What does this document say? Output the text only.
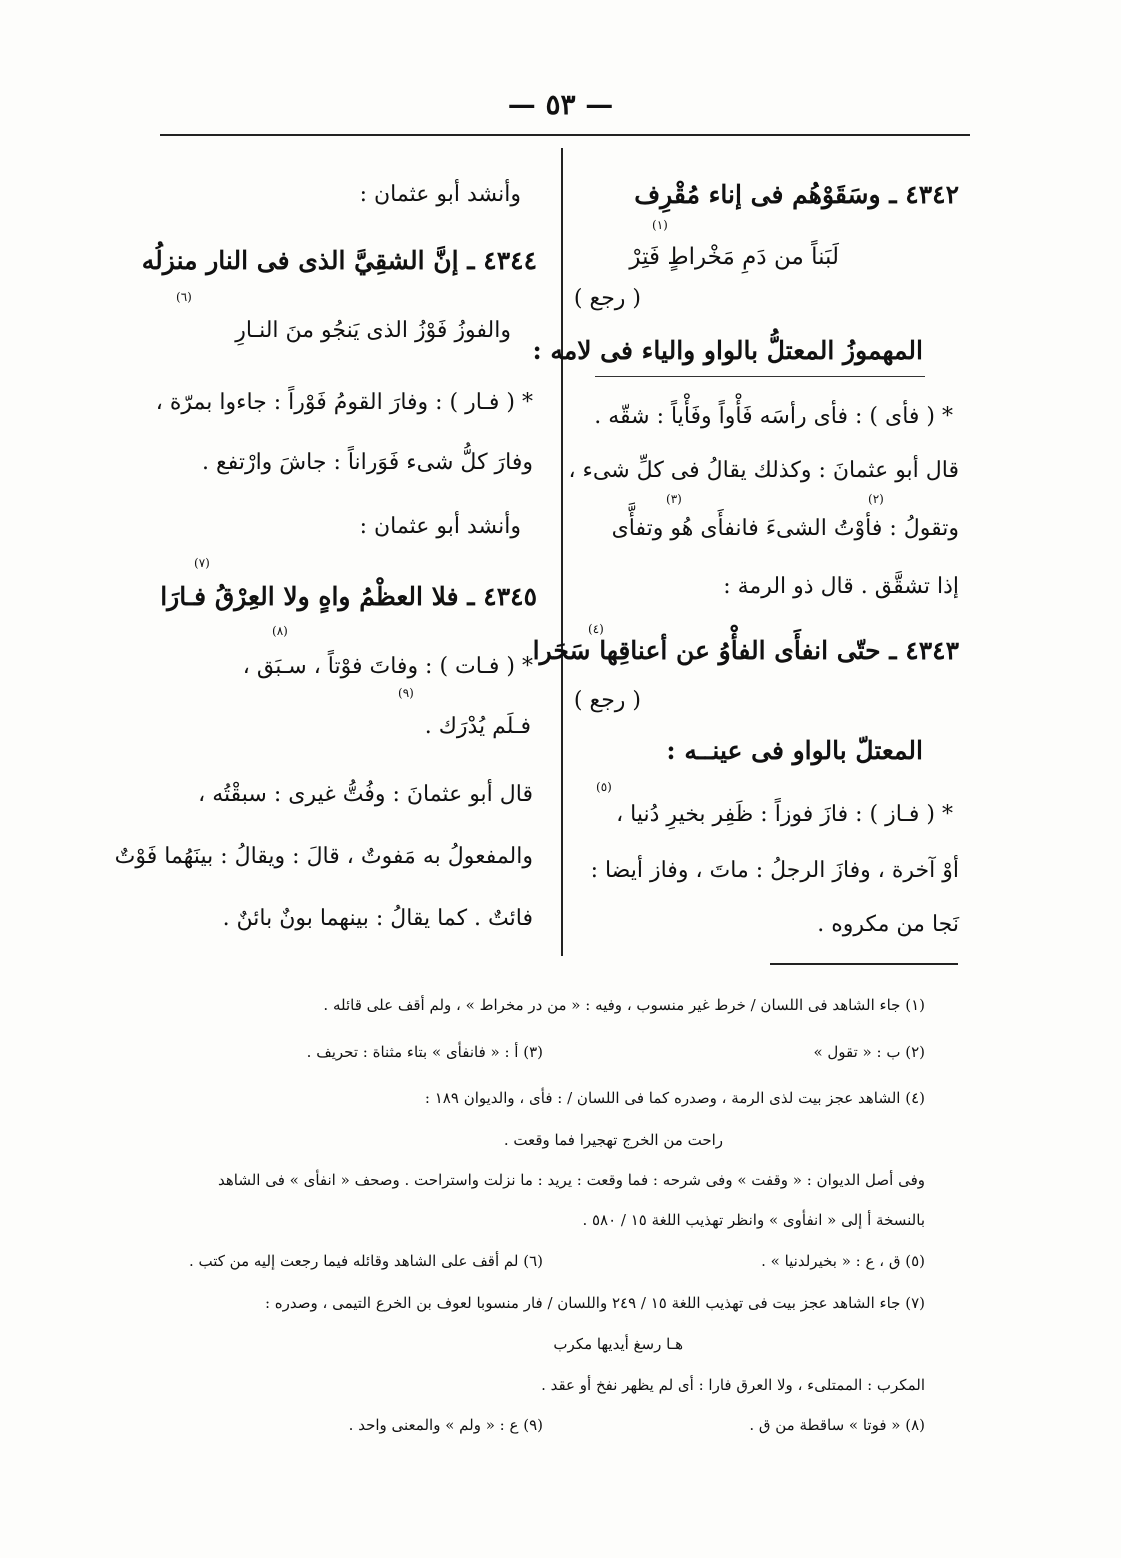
— ٥٣ —
٤٣٤٢ ـ وسَقَوْهُم فى إناء مُقْرِف
لَبَناً من دَمِ مَخْراطٍ فَتِرْ
( رجع )
المهموزُ المعتلُّ بالواو والياء فى لامه :
* ( فأى ) : فأى رأسَه فَأْواً وفَأْياً : شقّه .
قال أبو عثمانَ : وكذلك يقالُ فى كلِّ شىء ،
وتقولُ : فأوْتُ الشىءَ فانفأَى هُو وتفأَّى
إذا تشقَّق . قال ذو الرمة :
٤٣٤٣ ـ حتّى انفأَى الفأْوُ عن أعناقِها سَحَرا
( رجع )
المعتلّ بالواو فى عينــه :
* ( فـاز ) : فازَ فوزاً : ظَفِر بخيرِ دُنيا ،
أوْ آخرة ، وفازَ الرجلُ : ماتَ ، وفاز أيضا :
نَجا من مكروه .
(١)
(٢)
(٣)
(٤)
(٥)
وأنشد أبو عثمان :
٤٣٤٤ ـ إنَّ الشقِيَّ الذى فى النار منزلُه
والفوزُ فَوْزُ الذى يَنجُو منَ النـارِ
* ( فـار ) : وفارَ القومُ فَوْراً : جاءوا بمرّة ،
وفارَ كلُّ شىء فَوَراناً : جاشَ وارْتفع .
وأنشد أبو عثمان :
٤٣٤٥ ـ فلا العظْمُ واهٍ ولا العِرْقُ فـارَا
* ( فـات ) : وفاتَ فوْتاً ، سـبَق ،
فـلَم يُدْرَك .
قال أبو عثمانَ : وفُتُّ غيرى : سبقْتُه ،
والمفعولُ به مَفوتٌ ، قالَ : ويقالُ : بينَهُما فَوْتٌ
فائتٌ . كما يقالُ : بينهما بونٌ بائنٌ .
(٦)
(٧)
(٨)
(٩)
(١) جاء الشاهد فى اللسان / خرط غير منسوب ، وفيه : « من در مخراط » ، ولم أقف على قائله .
(٣) أ : « فانفأى » بتاء مثناة : تحريف .	(٢) ب : « تقول »
(٤) الشاهد عجز بيت لذى الرمة ، وصدره كما فى اللسان / : فأى ، والديوان ١٨٩ :
راحت من الخرج تهجيرا فما وقعت .
وفى أصل الديوان : « وقفت » وفى شرحه : فما وقعت : يريد : ما نزلت واستراحت . وصحف « انفأى » فى الشاهد
بالنسخة أ إلى « انفأوى » وانظر تهذيب اللغة ١٥ / ٥٨٠ .
(٦) لم أقف على الشاهد وقائله فيما رجعت إليه من كتب .	(٥) ق ، ع : « بخيرلدنيا » .
(٧) جاء الشاهد عجز بيت فى تهذيب اللغة ١٥ / ٢٤٩ واللسان / فار منسوبا لعوف بن الخرع التيمى ، وصدره :
هـا رسغ أيديها مكرب
المكرب : الممتلىء ، ولا العرق فارا : أى لم يظهر نفخ أو عقد .
(٩) ع : « ولم » والمعنى واحد .	(٨) « فوتا » ساقطة من ق .
